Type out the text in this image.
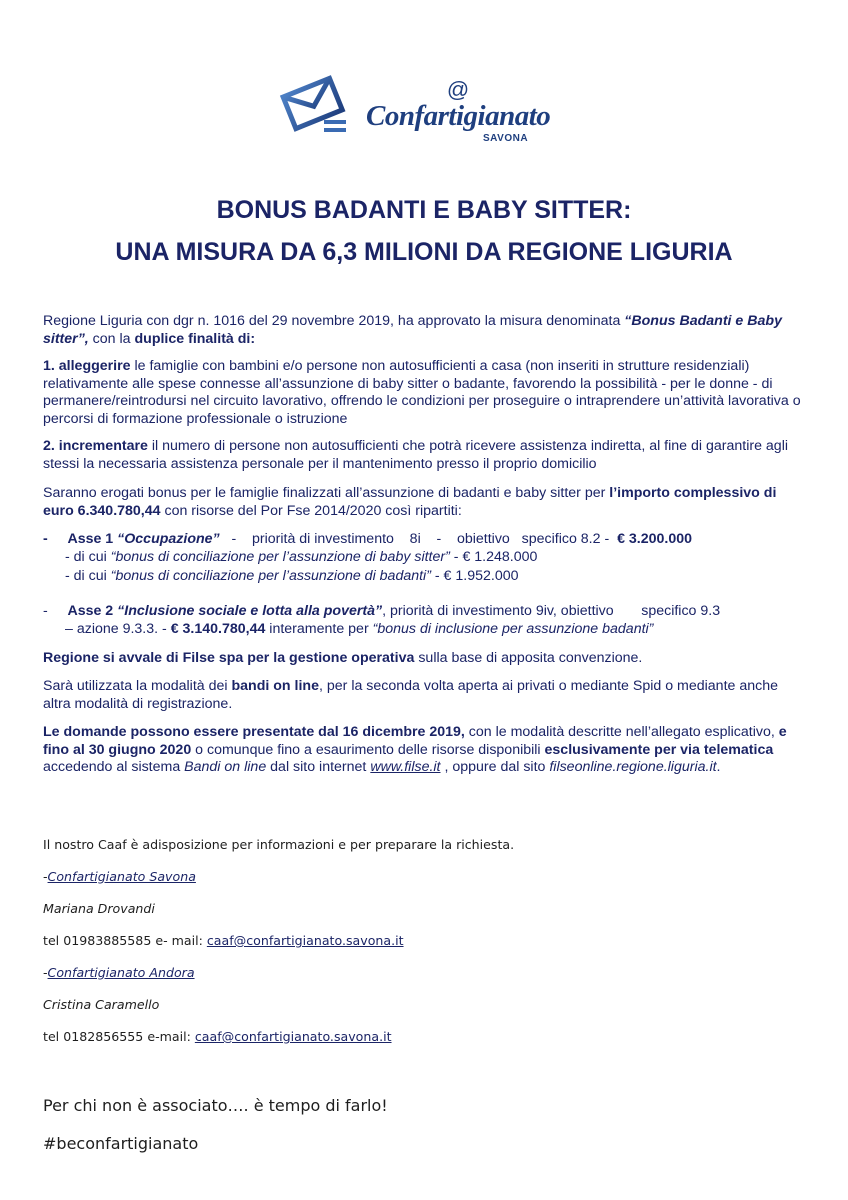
@
Confartigianato
SAVONA
BONUS BADANTI E BABY SITTER:
UNA MISURA DA 6,3 MILIONI DA REGIONE LIGURIA

Regione Liguria con dgr n. 1016 del 29 novembre 2019, ha approvato la misura denominata “Bonus Badanti e Baby sitter”, con la duplice finalità di:

1. alleggerire le famiglie con bambini e/o persone non autosufficienti a casa (non inseriti in strutture residenziali) relativamente alle spese connesse all’assunzione di baby sitter o badante, favorendo la possibilità - per le donne - di permanere/reintrodursi nel circuito lavorativo, offrendo le condizioni per proseguire o intraprendere un’attività lavorativa o percorsi di formazione professionale o istruzione

2. incrementare il numero di persone non autosufficienti che potrà ricevere assistenza indiretta, al fine di garantire agli stessi la necessaria assistenza personale per il mantenimento presso il proprio domicilio

Saranno erogati bonus per le famiglie finalizzati all’assunzione di badanti e baby sitter per l’importo complessivo di euro 6.340.780,44 con risorse del Por Fse 2014/2020 così ripartiti:

- Asse 1 “Occupazione”   -    priorità di investimento    8i    -    obiettivo   specifico 8.2 -  € 3.200.000

- di cui “bonus di conciliazione per l’assunzione di baby sitter” - € 1.248.000

- di cui “bonus di conciliazione per l’assunzione di badanti” - € 1.952.000

- Asse 2 “Inclusione sociale e lotta alla povertà”, priorità di investimento 9iv, obiettivo       specifico 9.3

– azione 9.3.3. - € 3.140.780,44 interamente per “bonus di inclusione per assunzione badanti”

Regione si avvale di Filse spa per la gestione operativa sulla base di apposita convenzione.

Sarà utilizzata la modalità dei bandi on line, per la seconda volta aperta ai privati o mediante Spid o mediante anche altra modalità di registrazione.

Le domande possono essere presentate dal 16 dicembre 2019, con le modalità descritte nell’allegato esplicativo, e fino al 30 giugno 2020 o comunque fino a esaurimento delle risorse disponibili esclusivamente per via telematica accedendo al sistema Bandi on line dal sito internet www.filse.it , oppure dal sito filseonline.regione.liguria.it.

Il nostro Caaf è adisposizione per informazioni e per preparare la richiesta.
-Confartigianato Savona
Mariana Drovandi
tel 01983885585 e- mail: caaf@confartigianato.savona.it
-Confartigianato Andora
Cristina Caramello
tel 0182856555 e-mail: caaf@confartigianato.savona.it
Per chi non è associato…. è tempo di farlo!
#beconfartigianato
